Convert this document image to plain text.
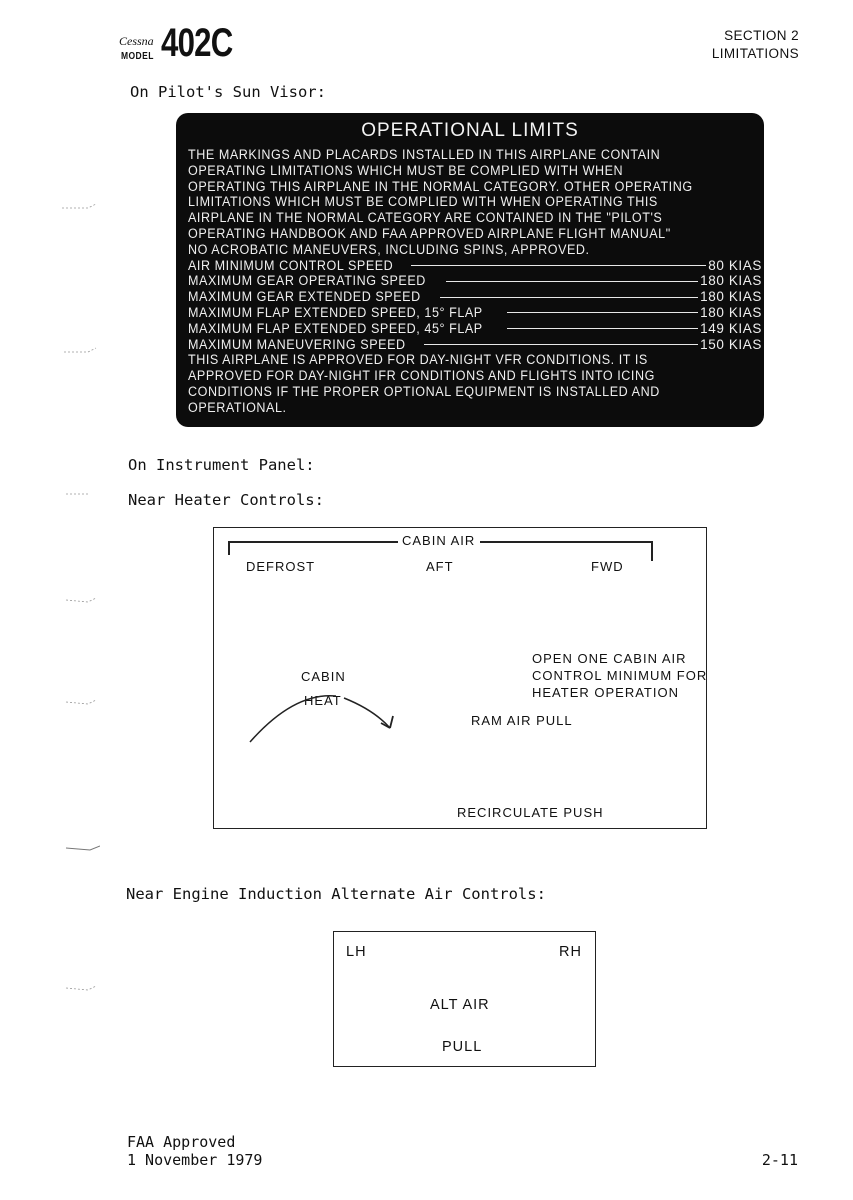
Cessna
MODEL 402C	SECTION 2
LIMITATIONS
On Pilot's Sun Visor:
OPERATIONAL LIMITS
THE MARKINGS AND PLACARDS INSTALLED IN THIS AIRPLANE CONTAIN
OPERATING LIMITATIONS WHICH MUST BE COMPLIED WITH WHEN
OPERATING THIS AIRPLANE IN THE NORMAL CATEGORY. OTHER OPERATING
LIMITATIONS WHICH MUST BE COMPLIED WITH WHEN OPERATING THIS
AIRPLANE IN THE NORMAL CATEGORY ARE CONTAINED IN THE "PILOT'S
OPERATING HANDBOOK AND FAA APPROVED AIRPLANE FLIGHT MANUAL"
NO ACROBATIC MANEUVERS, INCLUDING SPINS, APPROVED.
AIR MINIMUM CONTROL SPEED	80 KIAS
MAXIMUM GEAR OPERATING SPEED	180 KIAS
MAXIMUM GEAR EXTENDED SPEED	180 KIAS
MAXIMUM FLAP EXTENDED SPEED, 15° FLAP	180 KIAS
MAXIMUM FLAP EXTENDED SPEED, 45° FLAP	149 KIAS
MAXIMUM MANEUVERING SPEED	150 KIAS
THIS AIRPLANE IS APPROVED FOR DAY-NIGHT VFR CONDITIONS. IT IS
APPROVED FOR DAY-NIGHT IFR CONDITIONS AND FLIGHTS INTO ICING
CONDITIONS IF THE PROPER OPTIONAL EQUIPMENT IS INSTALLED AND
OPERATIONAL.
On Instrument Panel:
Near Heater Controls:
CABIN AIR
DEFROST	AFT	FWD
OPEN ONE CABIN AIR
CONTROL MINIMUM FOR
HEATER OPERATION
CABIN
HEAT
RAM AIR PULL
RECIRCULATE PUSH
Near Engine Induction Alternate Air Controls:
LH	RH
ALT AIR
PULL
FAA Approved
1 November 1979	2-11
